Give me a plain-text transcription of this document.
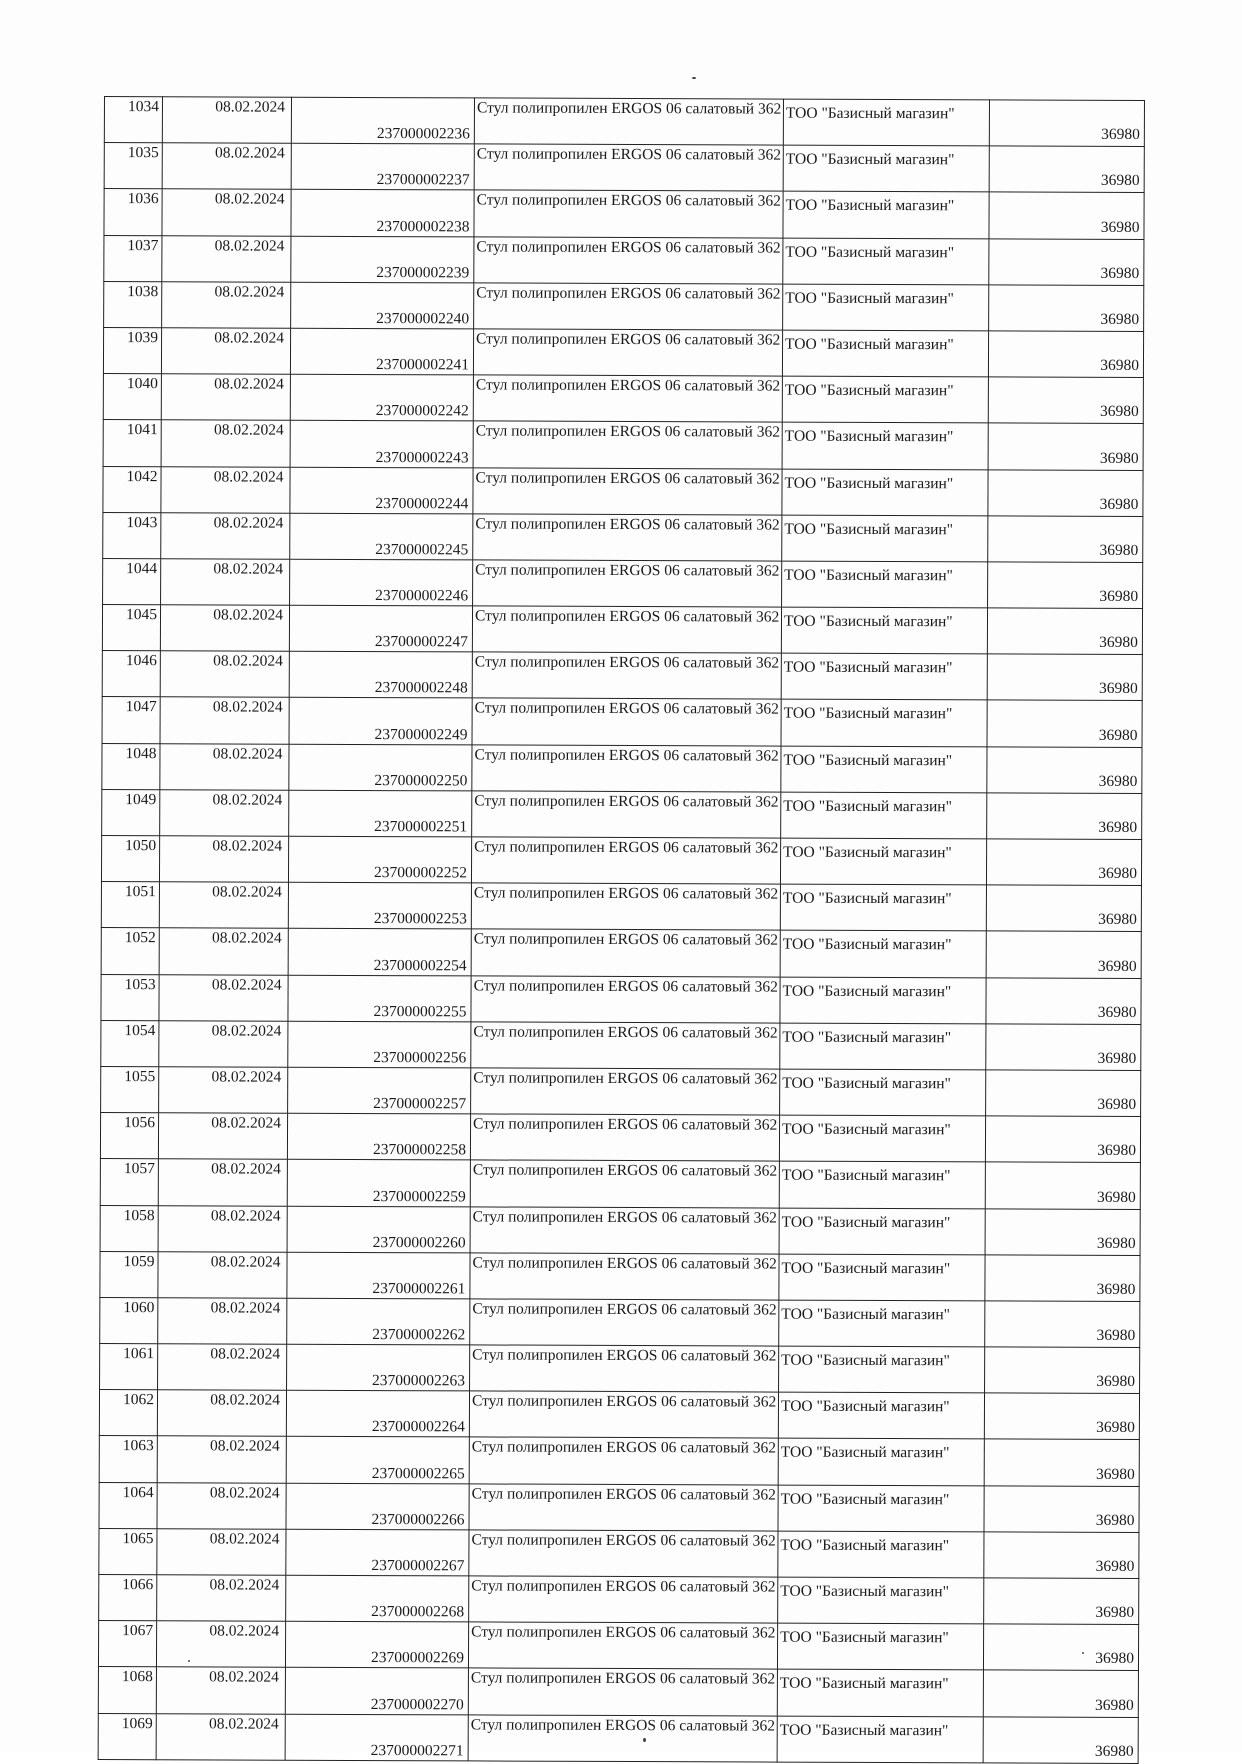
1034	08.02.2024	237000002236	Стул полипропилен ERGOS 06 салатовый 362	ТОО "Базисный магазин"	36980

1035	08.02.2024	237000002237	Стул полипропилен ERGOS 06 салатовый 362	ТОО "Базисный магазин"	36980

1036	08.02.2024	237000002238	Стул полипропилен ERGOS 06 салатовый 362	ТОО "Базисный магазин"	36980

1037	08.02.2024	237000002239	Стул полипропилен ERGOS 06 салатовый 362	ТОО "Базисный магазин"	36980

1038	08.02.2024	237000002240	Стул полипропилен ERGOS 06 салатовый 362	ТОО "Базисный магазин"	36980

1039	08.02.2024	237000002241	Стул полипропилен ERGOS 06 салатовый 362	ТОО "Базисный магазин"	36980

1040	08.02.2024	237000002242	Стул полипропилен ERGOS 06 салатовый 362	ТОО "Базисный магазин"	36980

1041	08.02.2024	237000002243	Стул полипропилен ERGOS 06 салатовый 362	ТОО "Базисный магазин"	36980

1042	08.02.2024	237000002244	Стул полипропилен ERGOS 06 салатовый 362	ТОО "Базисный магазин"	36980

1043	08.02.2024	237000002245	Стул полипропилен ERGOS 06 салатовый 362	ТОО "Базисный магазин"	36980

1044	08.02.2024	237000002246	Стул полипропилен ERGOS 06 салатовый 362	ТОО "Базисный магазин"	36980

1045	08.02.2024	237000002247	Стул полипропилен ERGOS 06 салатовый 362	ТОО "Базисный магазин"	36980

1046	08.02.2024	237000002248	Стул полипропилен ERGOS 06 салатовый 362	ТОО "Базисный магазин"	36980

1047	08.02.2024	237000002249	Стул полипропилен ERGOS 06 салатовый 362	ТОО "Базисный магазин"	36980

1048	08.02.2024	237000002250	Стул полипропилен ERGOS 06 салатовый 362	ТОО "Базисный магазин"	36980

1049	08.02.2024	237000002251	Стул полипропилен ERGOS 06 салатовый 362	ТОО "Базисный магазин"	36980

1050	08.02.2024	237000002252	Стул полипропилен ERGOS 06 салатовый 362	ТОО "Базисный магазин"	36980

1051	08.02.2024	237000002253	Стул полипропилен ERGOS 06 салатовый 362	ТОО "Базисный магазин"	36980

1052	08.02.2024	237000002254	Стул полипропилен ERGOS 06 салатовый 362	ТОО "Базисный магазин"	36980

1053	08.02.2024	237000002255	Стул полипропилен ERGOS 06 салатовый 362	ТОО "Базисный магазин"	36980

1054	08.02.2024	237000002256	Стул полипропилен ERGOS 06 салатовый 362	ТОО "Базисный магазин"	36980

1055	08.02.2024	237000002257	Стул полипропилен ERGOS 06 салатовый 362	ТОО "Базисный магазин"	36980

1056	08.02.2024	237000002258	Стул полипропилен ERGOS 06 салатовый 362	ТОО "Базисный магазин"	36980

1057	08.02.2024	237000002259	Стул полипропилен ERGOS 06 салатовый 362	ТОО "Базисный магазин"	36980

1058	08.02.2024	237000002260	Стул полипропилен ERGOS 06 салатовый 362	ТОО "Базисный магазин"	36980

1059	08.02.2024	237000002261	Стул полипропилен ERGOS 06 салатовый 362	ТОО "Базисный магазин"	36980

1060	08.02.2024	237000002262	Стул полипропилен ERGOS 06 салатовый 362	ТОО "Базисный магазин"	36980

1061	08.02.2024	237000002263	Стул полипропилен ERGOS 06 салатовый 362	ТОО "Базисный магазин"	36980

1062	08.02.2024	237000002264	Стул полипропилен ERGOS 06 салатовый 362	ТОО "Базисный магазин"	36980

1063	08.02.2024	237000002265	Стул полипропилен ERGOS 06 салатовый 362	ТОО "Базисный магазин"	36980

1064	08.02.2024	237000002266	Стул полипропилен ERGOS 06 салатовый 362	ТОО "Базисный магазин"	36980

1065	08.02.2024	237000002267	Стул полипропилен ERGOS 06 салатовый 362	ТОО "Базисный магазин"	36980

1066	08.02.2024	237000002268	Стул полипропилен ERGOS 06 салатовый 362	ТОО "Базисный магазин"	36980

1067	08.02.2024	237000002269	Стул полипропилен ERGOS 06 салатовый 362	ТОО "Базисный магазин"	36980

1068	08.02.2024	237000002270	Стул полипропилен ERGOS 06 салатовый 362	ТОО "Базисный магазин"	36980

1069	08.02.2024	237000002271	Стул полипропилен ERGOS 06 салатовый 362	ТОО "Базисный магазин"	36980
